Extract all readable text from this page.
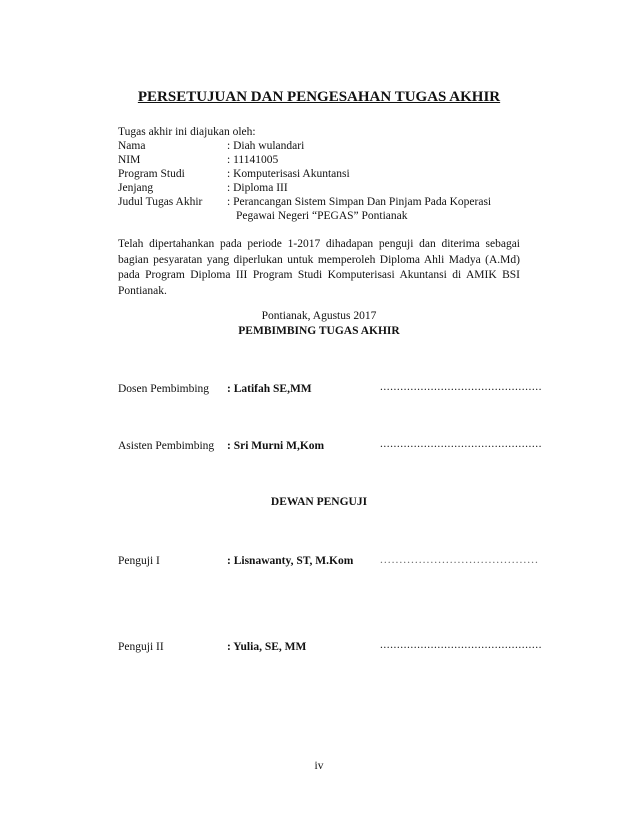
PERSETUJUAN DAN PENGESAHAN TUGAS AKHIR
Tugas akhir ini diajukan oleh:
Nama	: Diah wulandari
NIM	: 11141005
Program Studi	: Komputerisasi Akuntansi
Jenjang	: Diploma III
Judul Tugas Akhir : Perancangan Sistem Simpan Dan Pinjam Pada Koperasi
Pegawai Negeri “PEGAS” Pontianak
Telah dipertahankan pada periode 1-2017 dihadapan penguji dan diterima sebagai bagian pesyaratan yang diperlukan untuk memperoleh Diploma Ahli Madya (A.Md) pada Program Diploma III Program Studi Komputerisasi Akuntansi di AMIK BSI Pontianak.
Pontianak, Agustus 2017
PEMBIMBING TUGAS AKHIR
Dosen Pembimbing : Latifah SE,MM	................................................
Asisten Pembimbing : Sri Murni M,Kom	................................................
DEWAN PENGUJI
Penguji I	: Lisnawanty, ST, M.Kom .........................................
Penguji II	: Yulia, SE, MM	................................................
iv
